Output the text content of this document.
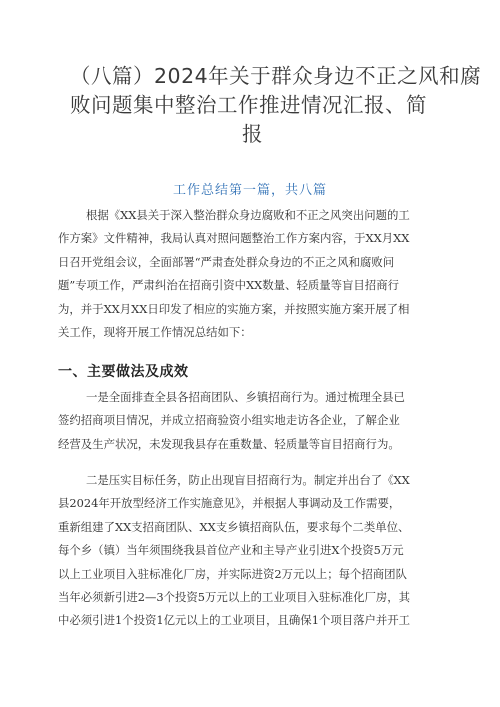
（八篇）2024年关于群众身边不正之风和腐
败问题集中整治工作推进情况汇报、简
报
工作总结第一篇，共八篇
根据《XX县关于深入整治群众身边腐败和不正之风突出问题的工
作方案》文件精神，我局认真对照问题整治工作方案内容，于XX月XX
日召开党组会议，全面部署“严肃查处群众身边的不正之风和腐败问
题”专项工作，严肃纠治在招商引资中XX数量、轻质量等盲目招商行
为，并于XX月XX日印发了相应的实施方案，并按照实施方案开展了相
关工作，现将开展工作情况总结如下：
一、主要做法及成效
一是全面排查全县各招商团队、乡镇招商行为。通过梳理全县已
签约招商项目情况，并成立招商验资小组实地走访各企业，了解企业
经营及生产状况，未发现我县存在重数量、轻质量等盲目招商行为。
二是压实目标任务，防止出现盲目招商行为。制定并出台了《XX
县2024年开放型经济工作实施意见》，并根据人事调动及工作需要，
重新组建了XX支招商团队、XX支乡镇招商队伍，要求每个二类单位、
每个乡（镇）当年须围绕我县首位产业和主导产业引进X个投资5万元
以上工业项目入驻标准化厂房，并实际进资2万元以上；每个招商团队
当年必须新引进2—3个投资5万元以上的工业项目入驻标准化厂房，其
中必须引进1个投资1亿元以上的工业项目，且确保1个项目落户并开工
